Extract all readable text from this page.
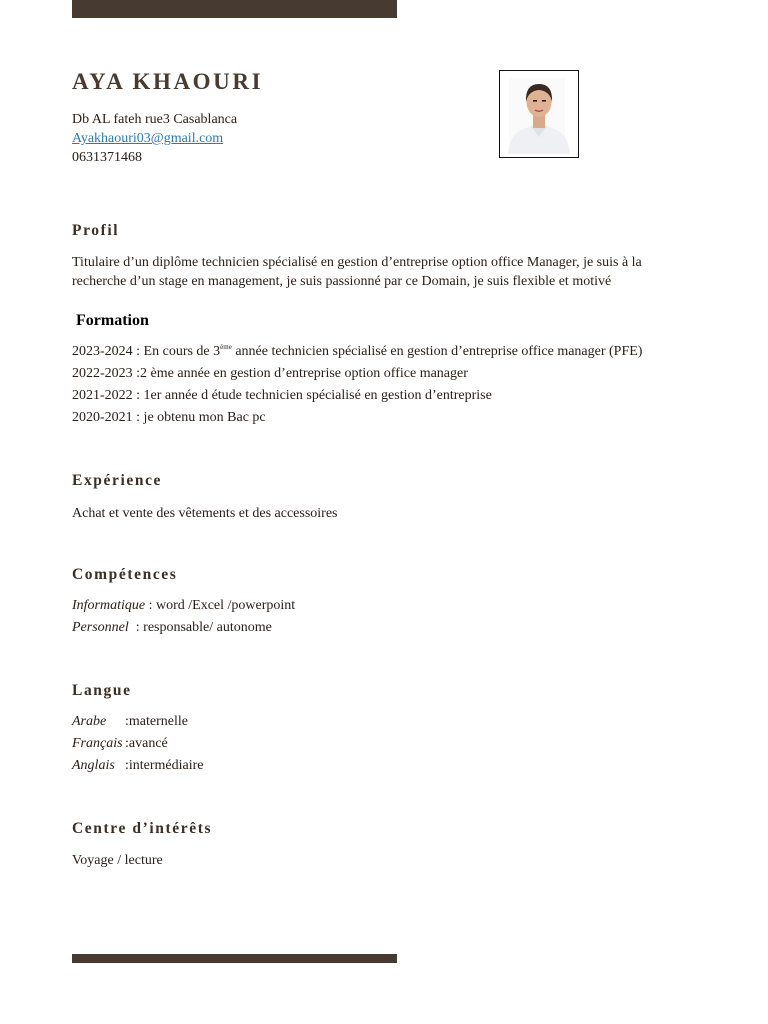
AYA KHAOURI
Db AL fateh rue3 Casablanca
Ayakhaouri03@gmail.com
0631371468
Profil

Titulaire d’un diplôme technicien spécialisé en gestion d’entreprise option office Manager, je suis à la recherche d’un stage en management, je suis passionné par ce Domain, je suis flexible et motivé

Formation
2023-2024 : En cours de 3ème année technicien spécialisé en gestion d’entreprise office manager (PFE)
2022-2023 :2 ème année en gestion d’entreprise option office manager
2021-2022 : 1er année d étude technicien spécialisé en gestion d’entreprise
2020-2021 : je obtenu mon Bac pc
Expérience

Achat et vente des vêtements et des accessoires

Compétences
Informatique : word /Excel /powerpoint
Personnel  : responsable/ autonome
Langue
Arabe :maternelle
Français :avancé
Anglais :intermédiaire
Centre d’intérêts

Voyage / lecture
